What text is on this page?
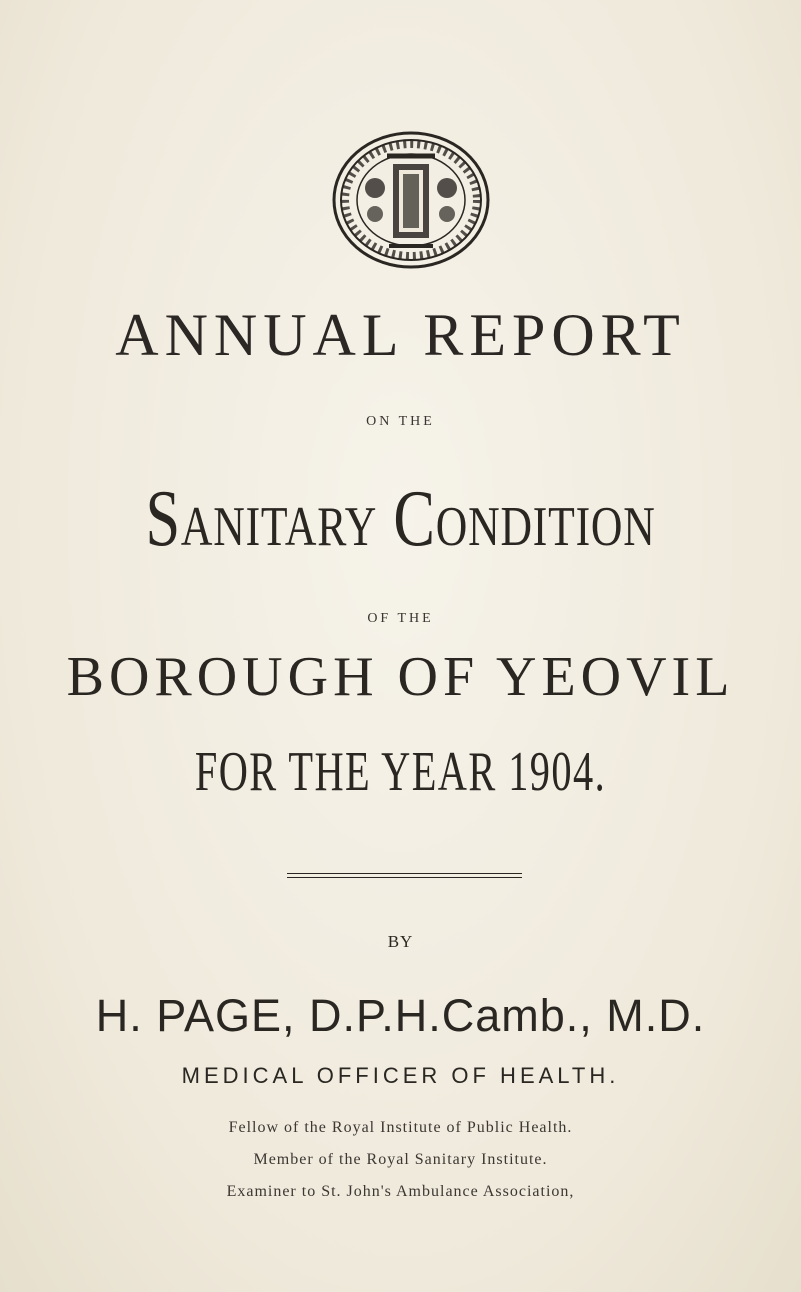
ANNUAL REPORT
ON THE
Sanitary Condition
OF THE
BOROUGH OF YEOVIL
FOR THE YEAR 1904.
BY
H. PAGE, D.P.H.Camb., M.D.
MEDICAL OFFICER OF HEALTH.
Fellow of the Royal Institute of Public Health.
Member of the Royal Sanitary Institute.
Examiner to St. John's Ambulance Association,
